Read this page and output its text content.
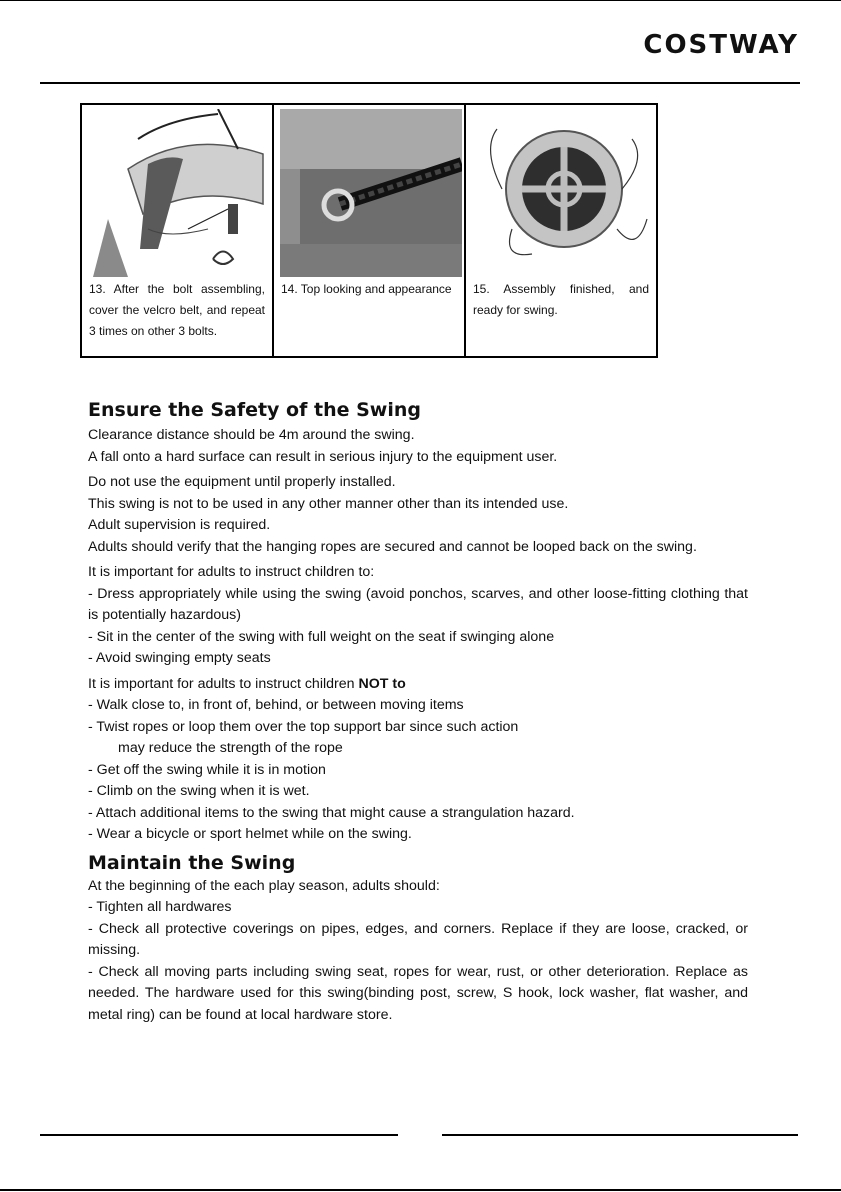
COSTWAY
13. After the bolt assembling, cover the velcro belt, and repeat 3 times on other 3 bolts.
14. Top looking and appearance	15. Assembly finished, and ready for swing.
Ensure the Safety of the Swing

Clearance distance should be 4m around the swing.

A fall onto a hard surface can result in serious injury to the equipment user.

Do not use the equipment until properly installed.

This swing is not to be used in any other manner other than its intended use.

Adult supervision is required.

Adults should verify that the hanging ropes are secured and cannot be looped back on the swing.

It is important for adults to instruct children to:

- Dress appropriately while using the swing (avoid ponchos, scarves, and other loose-fitting clothing that is potentially hazardous)

- Sit in the center of the swing with full weight on the seat if swinging alone

- Avoid swinging empty seats

It is important for adults to instruct children NOT to

- Walk close to, in front of, behind, or between moving items

- Twist ropes or loop them over the top support bar since such action

may reduce the strength of the rope

- Get off the swing while it is in motion

- Climb on the swing when it is wet.

- Attach additional items to the swing that might cause a strangulation hazard.

- Wear a bicycle or sport helmet while on the swing.

Maintain the Swing

At the beginning of the each play season, adults should:

- Tighten all hardwares

- Check all protective coverings on pipes, edges, and corners. Replace if they are loose, cracked, or missing.

- Check all moving parts including swing seat, ropes for wear, rust, or other deterioration. Replace as needed. The hardware used for this swing(binding post, screw, S hook, lock washer, flat washer, and metal ring) can be found at local hardware store.
